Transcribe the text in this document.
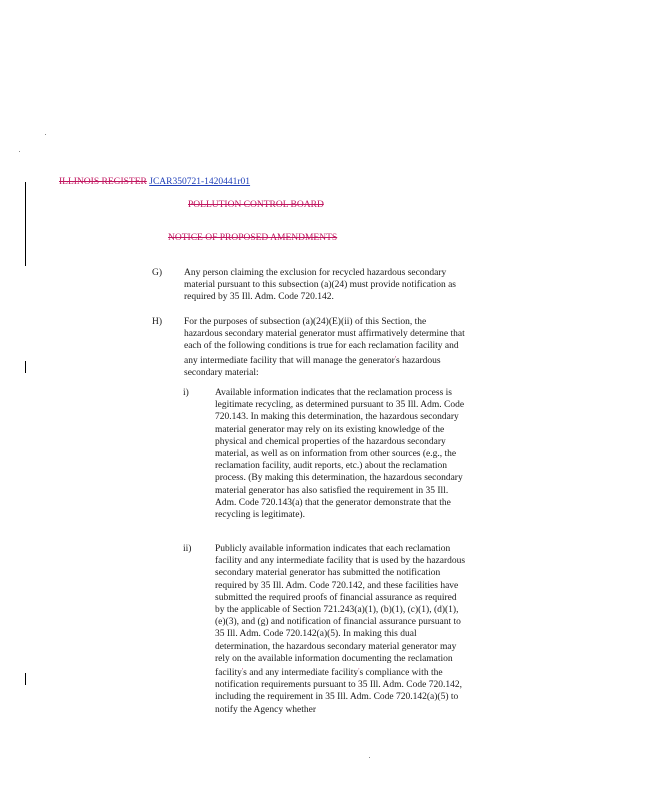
ILLINOIS REGISTER JCAR350721-1420441r01
POLLUTION CONTROL BOARD
NOTICE OF PROPOSED AMENDMENTS
G) Any person claiming the exclusion for recycled hazardous secondary material pursuant to this subsection (a)(24) must provide notification as required by 35 Ill. Adm. Code 720.142.
H) For the purposes of subsection (a)(24)(E)(ii) of this Section, the hazardous secondary material generator must affirmatively determine that each of the following conditions is true for each reclamation facility and any intermediate facility that will manage the generator's hazardous secondary material:
i)	Available information indicates that the reclamation process is legitimate recycling, as determined pursuant to 35 Ill. Adm. Code 720.143. In making this determination, the hazardous secondary material generator may rely on its existing knowledge of the physical and chemical properties of the hazardous secondary material, as well as on information from other sources (e.g., the reclamation facility, audit reports, etc.) about the reclamation process. (By making this determination, the hazardous secondary material generator has also satisfied the requirement in 35 Ill. Adm. Code 720.143(a) that the generator demonstrate that the recycling is legitimate).
ii) Publicly available information indicates that each reclamation facility and any intermediate facility that is used by the hazardous secondary material generator has submitted the notification required by 35 Ill. Adm. Code 720.142, and these facilities have submitted the required proofs of financial assurance as required by the applicable of Section 721.243(a)(1), (b)(1), (c)(1), (d)(1), (e)(3), and (g) and notification of financial assurance pursuant to 35 Ill. Adm. Code 720.142(a)(5). In making this dual determination, the hazardous secondary material generator may rely on the available information documenting the reclamation facility's and any intermediate facility's compliance with the notification requirements pursuant to 35 Ill. Adm. Code 720.142, including the requirement in 35 Ill. Adm. Code 720.142(a)(5) to notify the Agency whether
